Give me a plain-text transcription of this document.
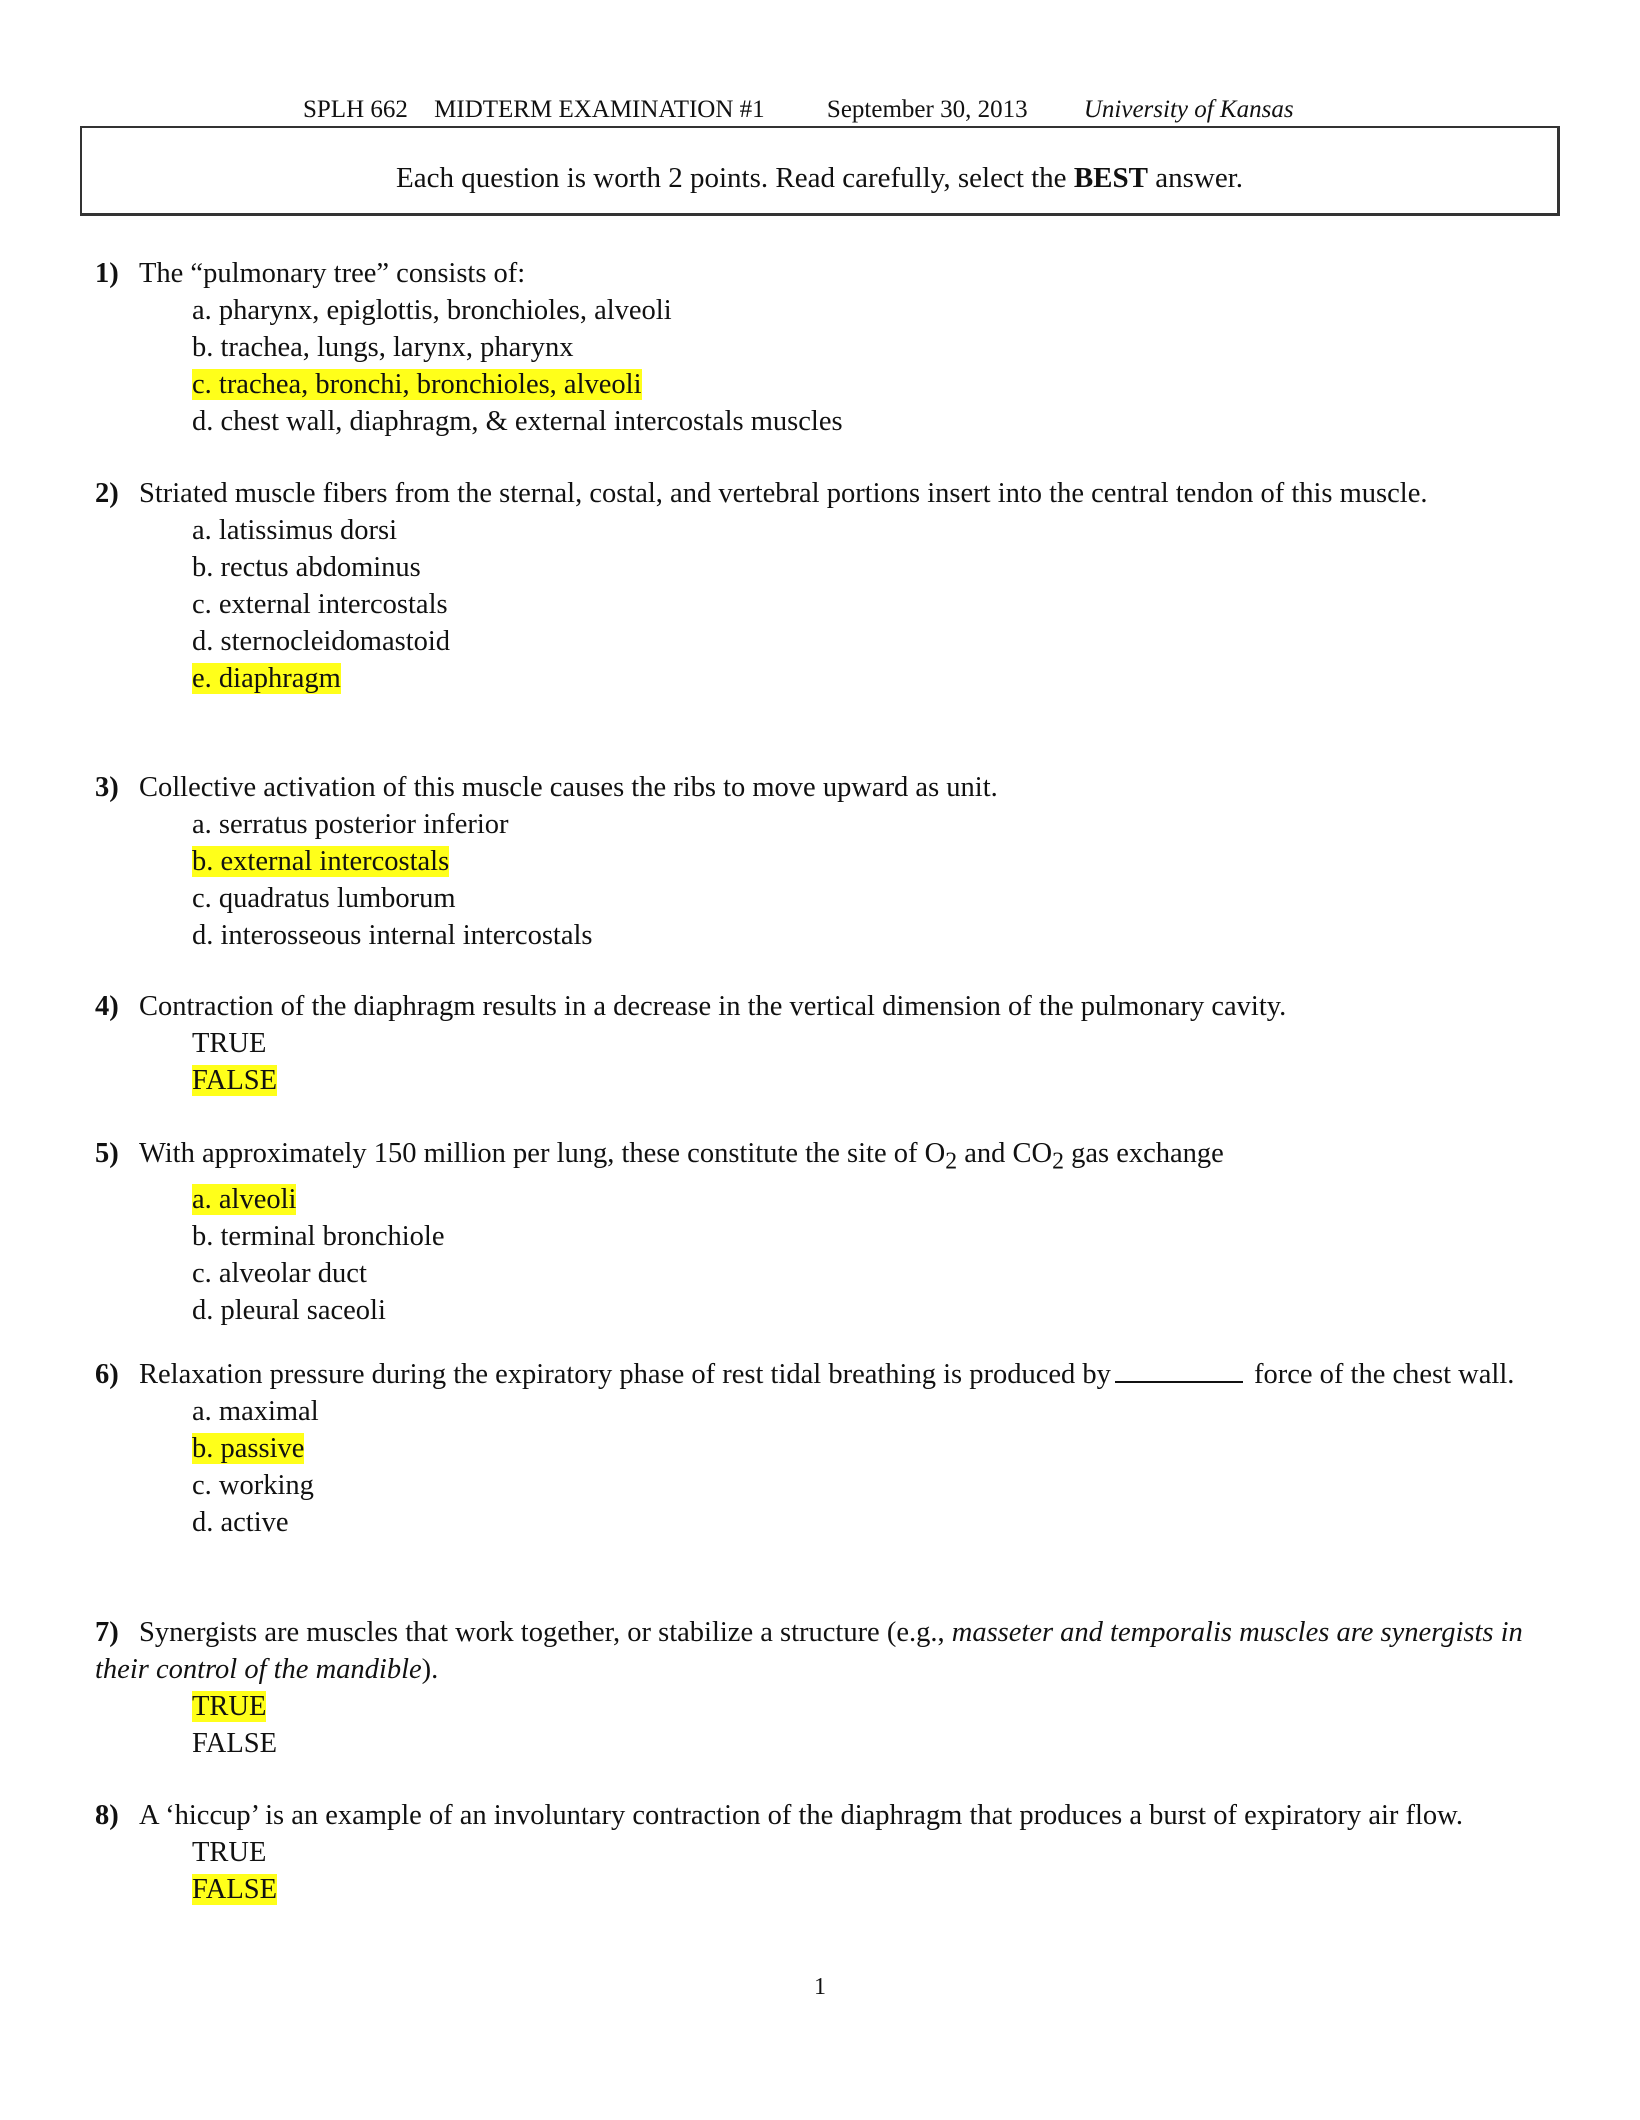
SPLH 662 MIDTERM EXAMINATION #1 September 30, 2013 University of Kansas
Each question is worth 2 points. Read carefully, select the BEST answer.

1) The “pulmonary tree” consists of:

a. pharynx, epiglottis, bronchioles, alveoli
b. trachea, lungs, larynx, pharynx
c. trachea, bronchi, bronchioles, alveoli
d. chest wall, diaphragm, & external intercostals muscles

2) Striated muscle fibers from the sternal, costal, and vertebral portions insert into the central tendon of this muscle.

a. latissimus dorsi
b. rectus abdominus
c. external intercostals
d. sternocleidomastoid
e. diaphragm

3) Collective activation of this muscle causes the ribs to move upward as unit.

a. serratus posterior inferior
b. external intercostals
c. quadratus lumborum
d. interosseous internal intercostals

4) Contraction of the diaphragm results in a decrease in the vertical dimension of the pulmonary cavity.

TRUE
FALSE

5) With approximately 150 million per lung, these constitute the site of $O_2$ and $CO_2$ gas exchange

a. alveoli
b. terminal bronchiole
c. alveolar duct
d. pleural saceoli

6) Relaxation pressure during the expiratory phase of rest tidal breathing is produced by	force of the chest wall.

a. maximal
b. passive
c. working
d. active

7) Synergists are muscles that work together, or stabilize a structure (e.g., masseter and temporalis muscles are synergists in their control of the mandible).

TRUE
FALSE

8) A ‘hiccup’ is an example of an involuntary contraction of the diaphragm that produces a burst of expiratory air flow.

TRUE
FALSE
1
